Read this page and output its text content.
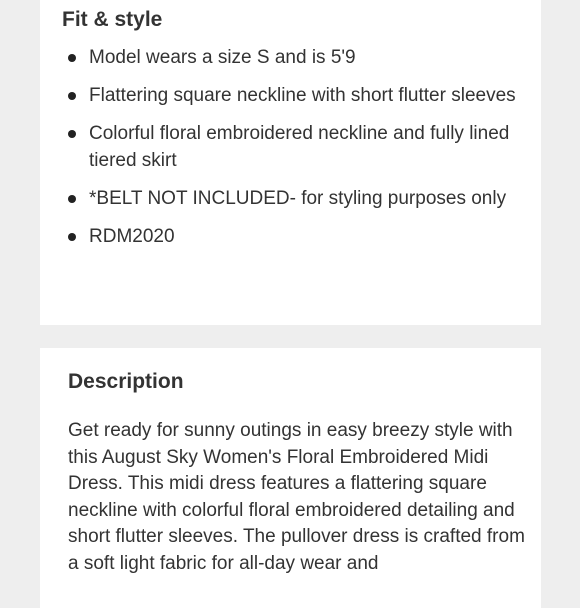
Fit & style
Model wears a size S and is 5'9
Flattering square neckline with short flutter sleeves
Colorful floral embroidered neckline and fully lined tiered skirt
*BELT NOT INCLUDED- for styling purposes only
RDM2020
Description

Get ready for sunny outings in easy breezy style with this August Sky Women's Floral Embroidered Midi Dress. This midi dress features a flattering square neckline with colorful floral embroidered detailing and short flutter sleeves. The pullover dress is crafted from a soft light fabric for all-day wear and
